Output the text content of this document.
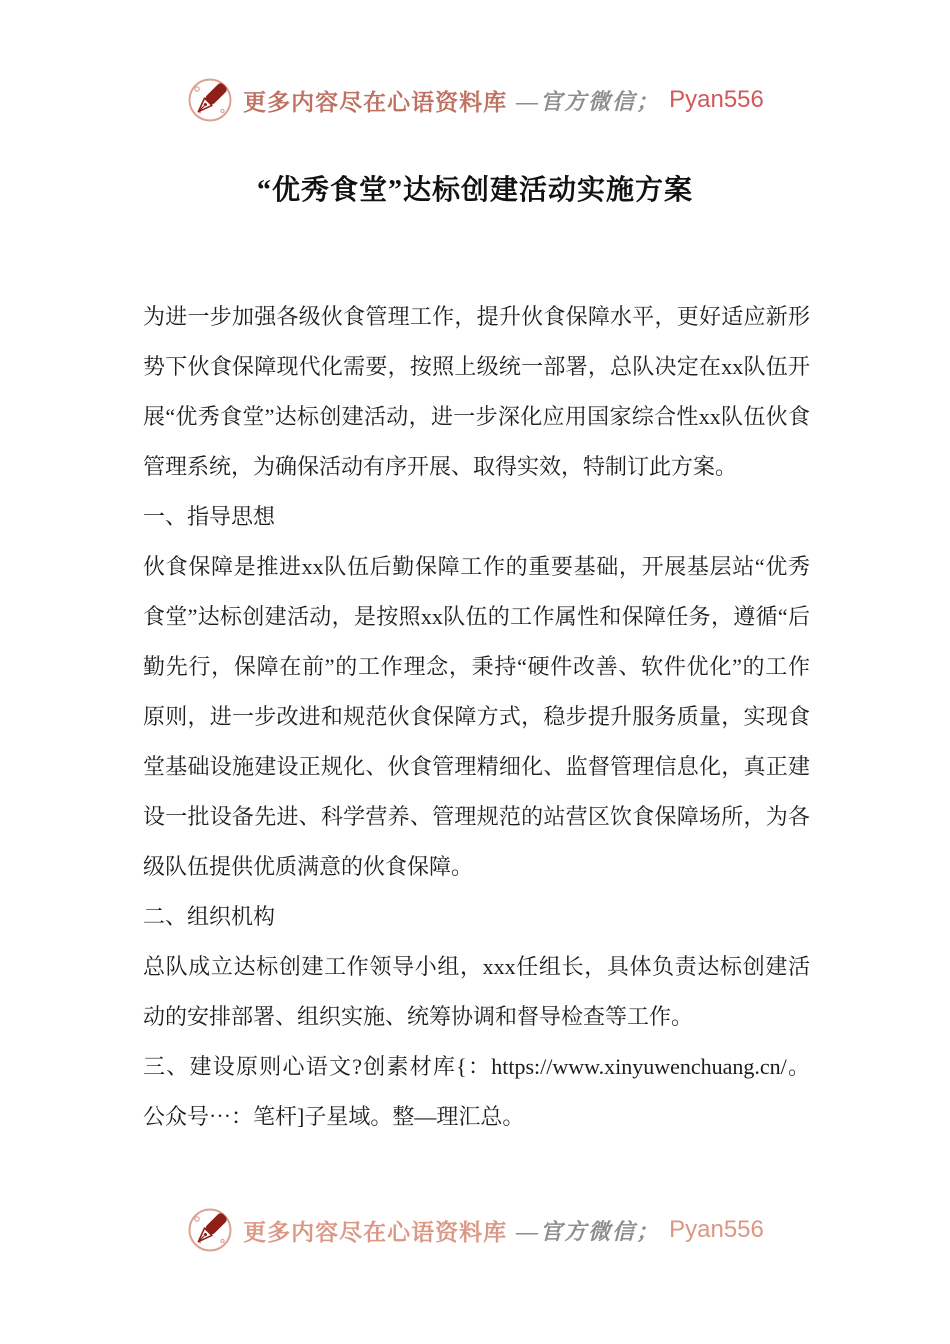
更多内容尽在心语资料库 —官方微信； Pyan556
“优秀食堂”达标创建活动实施方案

为进一步加强各级伙食管理工作，提升伙食保障水平，更好适应新形势下伙食保障现代化需要，按照上级统一部署，总队决定在xx队伍开展“优秀食堂”达标创建活动，进一步深化应用国家综合性xx队伍伙食管理系统，为确保活动有序开展、取得实效，特制订此方案。

一、指导思想

伙食保障是推进xx队伍后勤保障工作的重要基础，开展基层站“优秀食堂”达标创建活动，是按照xx队伍的工作属性和保障任务，遵循“后勤先行，保障在前”的工作理念，秉持“硬件改善、软件优化”的工作原则，进一步改进和规范伙食保障方式，稳步提升服务质量，实现食堂基础设施建设正规化、伙食管理精细化、监督管理信息化，真正建设一批设备先进、科学营养、管理规范的站营区饮食保障场所，为各级队伍提供优质满意的伙食保障。

二、组织机构

总队成立达标创建工作领导小组，xxx任组长，具体负责达标创建活动的安排部署、组织实施、统筹协调和督导检查等工作。

三、建设原则心语文?创素材库{：https://www.xinyuwenchuang.cn/。公众号⋯：笔杆]子星域。整—理汇总。

更多内容尽在心语资料库 —官方微信； Pyan556
